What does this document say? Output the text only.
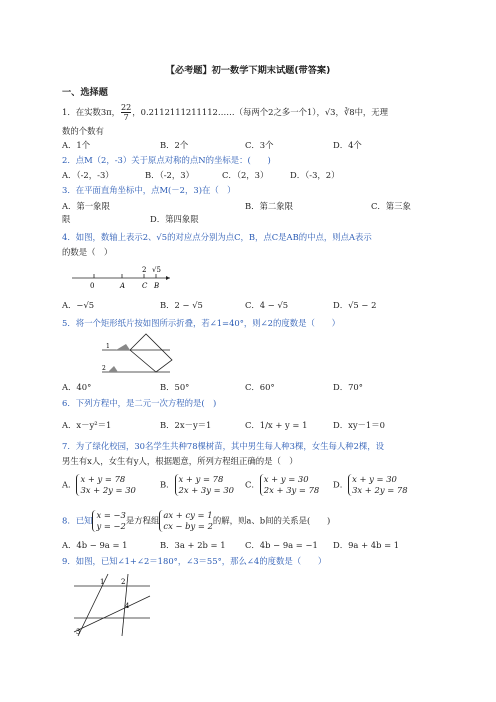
【必考题】初一数学下期末试题(带答案)
一、选择题
1．在实数3π， $\frac{22}{7}$ ，0.2112111211112……（每两个2之多一个1），√3，∛8中，无理
数的个数有
A．1个	B．2个	C．3个	D．4个
2．点M（2，-3）关于原点对称的点N的坐标是：(　　)
A．（-2，-3）	B．（-2，3）	C．（2，3）	D．（-3，2）
3．在平面直角坐标中，点M(－2，3)在（　）
A．第一象限	B．第二象限	C．第三象
限	D．第四象限
4．如图，数轴上表示2、√5的对应点分别为点C，B，点C是AB的中点，则点A表示
的数是（　）
0	A C B
2 √5
A．−√5	B．2 − √5	C．4 − √5	D．√5 − 2
5．将一个矩形纸片按如图所示折叠，若∠1=40°，则∠2的度数是（　　）
1
2
A．40°	B．50°	C．60°	D．70°
6．下列方程中，是二元一次方程的是(　)
A．x－y²＝1	B．2x－y＝1	C．1/x + y = 1	D．xy－1＝0
7．为了绿化校园，30名学生共种78棵树苗，其中男生每人种3棵，女生每人种2棵，设
男生有x人，女生有y人，根据题意，所列方程组正确的是（　）
A．
x + y = 78
3x + 2y = 30
B．
x + y = 78
2x + 3y = 30
C．
x + y = 30
2x + 3y = 78
D．
x + y = 30
3x + 2y = 78
8．已知
x = −3
y = −2
是方程组
ax + cy = 1
cx − by = 2
的解，则a、b间的关系是(　　)
A．4b − 9a = 1	B．3a + 2b = 1 C．4b − 9a = −1 D．9a + 4b = 1
9．如图，已知∠1+∠2＝180°，∠3＝55°，那么∠4的度数是（　　）
1 2
3
4
